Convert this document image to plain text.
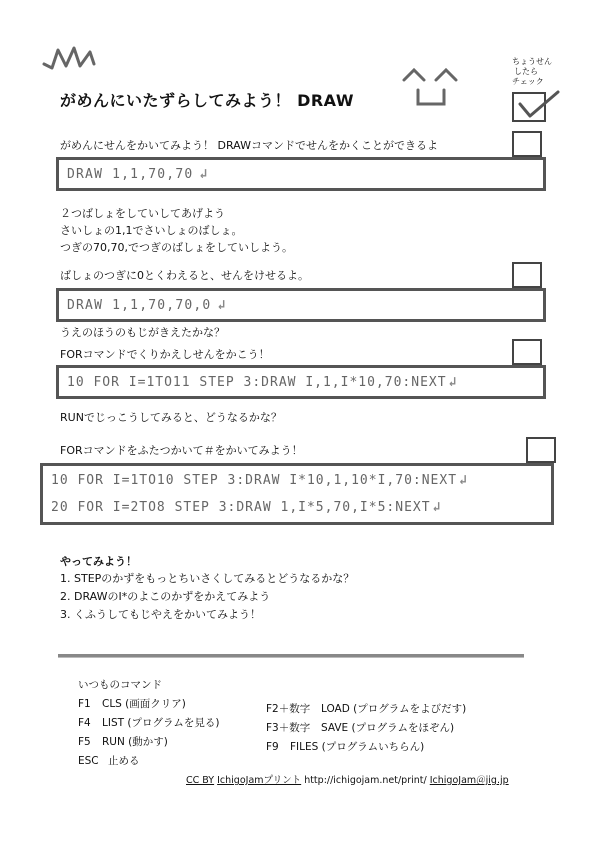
がめんにいたずらしてみよう！ DRAW
ちょうせん
したら
チェック
がめんにせんをかいてみよう！ DRAWコマンドでせんをかくことができるよ
DRAW 1,1,70,70 ↲
２つばしょをしていしてあげよう
さいしょの1,1でさいしょのばしょ。
つぎの70,70,でつぎのばしょをしていしよう。
ばしょのつぎに0とくわえると、せんをけせるよ。
DRAW 1,1,70,70,0 ↲
うえのほうのもじがきえたかな？
FORコマンドでくりかえしせんをかこう！
10 FOR I=1TO11 STEP 3:DRAW I,1,I*10,70:NEXT ↲
RUNでじっこうしてみると、どうなるかな？
FORコマンドをふたつかいて＃をかいてみよう！
10 FOR I=1TO10 STEP 3:DRAW I*10,1,10*I,70:NEXT ↲
20 FOR I=2TO8 STEP 3:DRAW 1,I*5,70,I*5:NEXT ↲
やってみよう！
1. STEPのかずをもっとちいさくしてみるとどうなるかな？
2. DRAWのI*のよこのかずをかえてみよう
3. くふうしてもじやえをかいてみよう！
いつものコマンド
F1 CLS (画面クリア)
F4 LIST (プログラムを見る)
F5 RUN (動かす)
ESC 止める
F2＋数字 LOAD (プログラムをよびだす)
F3＋数字 SAVE (プログラムをほぞん)
F9 FILES (プログラムいちらん)
CC BY IchigoJamプリント http://ichigojam.net/print/ IchigoJam＠jig.jp
